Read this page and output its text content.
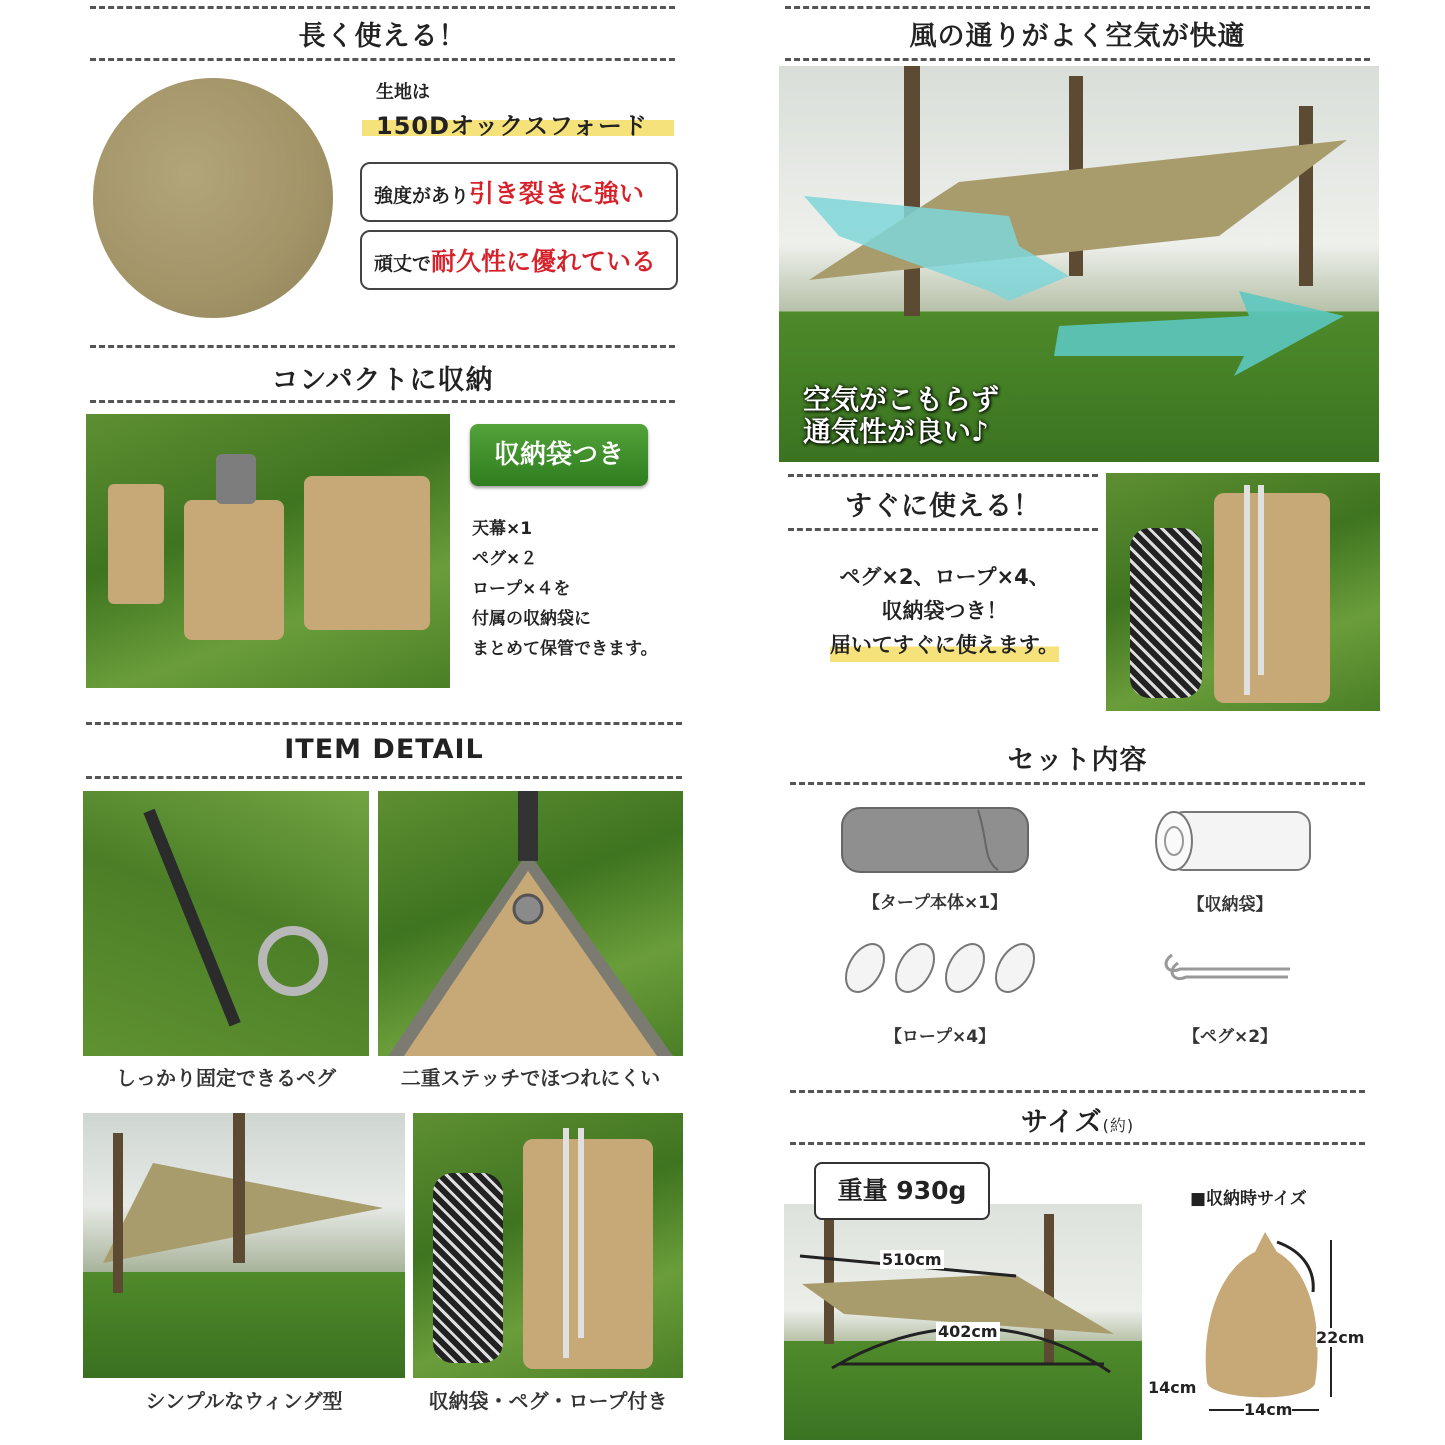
長く使える！
生地は
150Dオックスフォード
強度があり引き裂きに強い
頑丈で耐久性に優れている
コンパクトに収納
収納袋つき
天幕×1
ペグ×２
ロープ×４を
付属の収納袋に
まとめて保管できます。
ITEM DETAIL
しっかり固定できるペグ	二重ステッチでほつれにくい
シンプルなウィング型	収納袋・ペグ・ロープ付き
風の通りがよく空気が快適
空気がこもらず
通気性が良い♪
すぐに使える！
ペグ×2、ロープ×4、
収納袋つき！
届いてすぐに使えます。
セット内容
【タープ本体×1】	【収納袋】
【ロープ×4】	【ペグ×2】
サイズ(約)
510cm
402cm
重量 930g	■収納時サイズ
22cm
14cm
14cm
